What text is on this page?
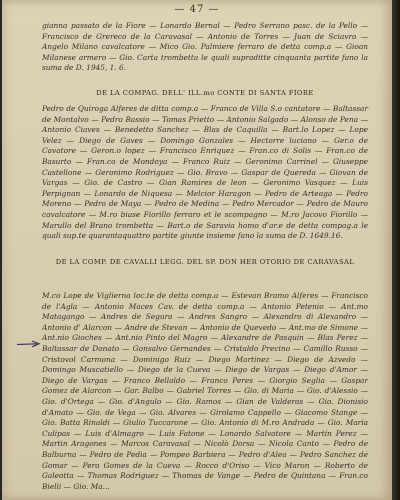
— 47 —

gianna passato de la Fiore — Lonardo Bernal — Pedro Serrano pasc. de la Pello — Francisco de Grereco de la Caravasal — Antonio de Torres — Juan de Sciavra — Angelo Milano cavalcatore — Mico Gio. Palmiere ferraro de detta comp.a — Gioan Milanese armero — Gio. Carta trombetta le quali supraditte cinquanta partite fano la suma de D. 1945, 1. 6.

DE LA COMPAG. DELL' ILL.mo CONTE DI SANTA FIORE

Pedro de Quiroga Alferes de ditta comp.a — Franco de Villa S.o cantatore — Baltassar de Montalvo — Pedro Bassio — Tomas Prietto — Antonio Salgado — Alonso de Pena — Antonio Ciaves — Benedetto Sanchez — Blas de Caquilla — Bart.lo Lopez — Lope Velez — Diego de Gaves — Domingo Gonzales — Hectorre luciano — Ger.o de Cavatore — Geron.o lopez — Francisco Enriquez — Fran.co di Solis — Fran.co de Basurto — Fran.co de Mondoya — Franco Ruiz — Geronimo Carrinel — Giuseppe Castellone — Geronimo Rodriguez — Gio. Bravo — Gaspar de Quereda — Giovan de Vargas — Gio. de Castro — Gian Ramires de leon — Geronimo Vasquez — Luis Perpignan — Lonardo de Niquesa — Melcior Haragon — Pedro de Arteaga — Pedro Moreno — Pedro de Maya — Pedro de Medina — Pedro Mercador — Pedro de Mauro cavalcatore — M.ro biase Fiorillo ferraro et le scompagno — M.ro Jacovo Fiorillo — Marullo del Brano trombetta — Bart.o de Saravia homo d'ar.e de detta compag.a le quali sup.te quarantaquattro partite giunte insieme fano la suma de D. 1649.16.

DE LA COMP. DE CAVALLI LEGG. DEL SP. DON HER OTORIO DE CARAVASAL

M.co Lope de Viglierna loc.te de detta comp.a — Estevan Bramo Alferes — Francisco de l'Agla — Antonio Maces Cav. de detta comp.a — Antonio Petenio — Ant.mo Matagango — Andres de Segura — Andres Sangro — Alexandro di Alexandro — Antonio d' Alarcon — Andre de Stevan — Antonio de Quevedo — Ant.mo de Simone — Ant.nio Gioches — Ant.nio Pinto del Magro — Alexandre de Pasquin — Blas Perez — Baltassar de Donato — Gonsalvo Gernandes — Cristaldo Precino — Camillo Russo — Cristovol Carmona — Dominigo Ruiz — Diego Martinez — Diego de Azvedo — Domingo Muscatiello — Diego de la Cueva — Diego de Vargas — Diego d'Amor — Diego de Vargas — Franco Bellaldo — Franco Peres — Giorgio Seglia — Gaspar Gomez de Alarcon — Gar. Balbo — Gabriel Torres — Gio. di Maria — Gio. d'Alessio — Gio. d'Ortega — Gio. d'Angulo — Gio. Ramos — Gian de Valderas — Gio. Dionisio d'Amato — Gio. de Vega — Gio. Alvares — Girolamo Cappello — Giacomo Stange — Gio. Batta Rinaldi — Giulio Tuccarone — Gio. Antonio di M.ro Andrada — Gio. Maria Culipas — Luis d'Almagro — Luis Fatone — Lonardo Salvatore — Martin Perez — Martin Aragones — Marcos Caravasal — Nicolò Dorsa — Nicola Canto — Pedro de Balburna — Pedro de Pedia — Pompeo Barbiera — Pedro d'Alea — Pedro Sanchez de Gomar — Pero Gomes de la Cueva — Rocco d'Oriso — Vico Maron — Roberto de Galeotta — Thomas Rodriguez — Thomas de Vange — Pedro de Quintana — Fran.co Bielli — Gio. Ma...
